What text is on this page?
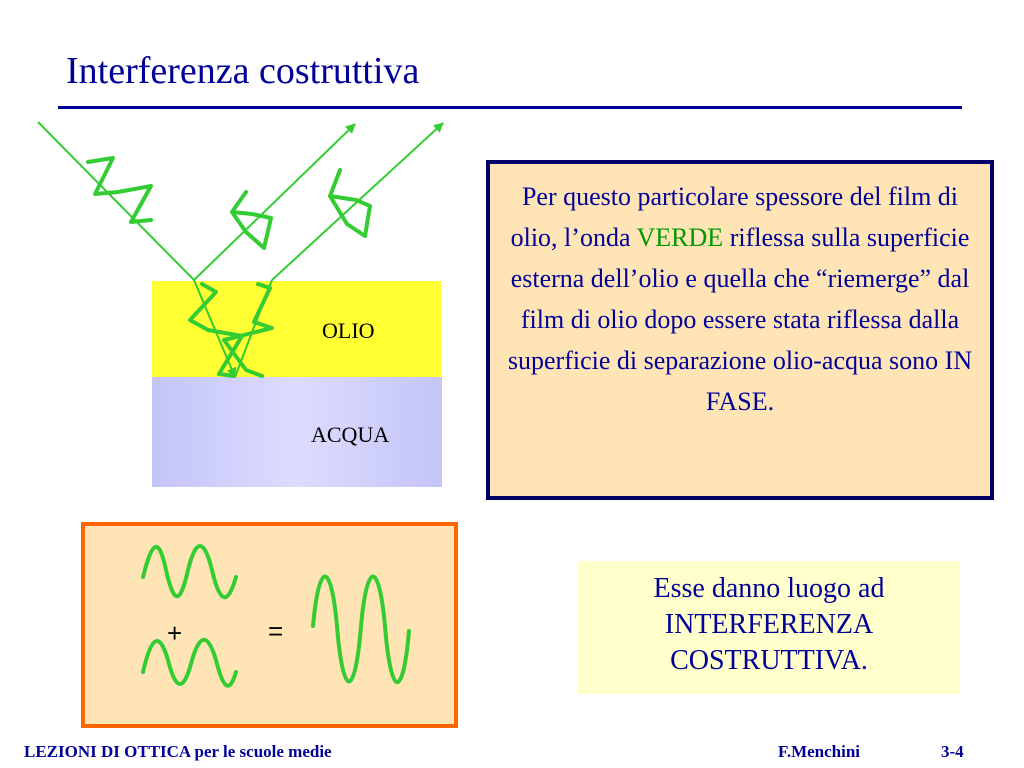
Interferenza costruttiva
OLIO
ACQUA
Per questo particolare spessore del film di olio, l’onda VERDE riflessa sulla superficie esterna dell’olio e quella che “riemerge” dal film di olio dopo essere stata riflessa dalla superficie di separazione olio-acqua sono IN FASE.
+	=
Esse danno luogo ad
INTERFERENZA
COSTRUTTIVA.
LEZIONI DI OTTICA per le scuole medie	F.Menchini	3-4
